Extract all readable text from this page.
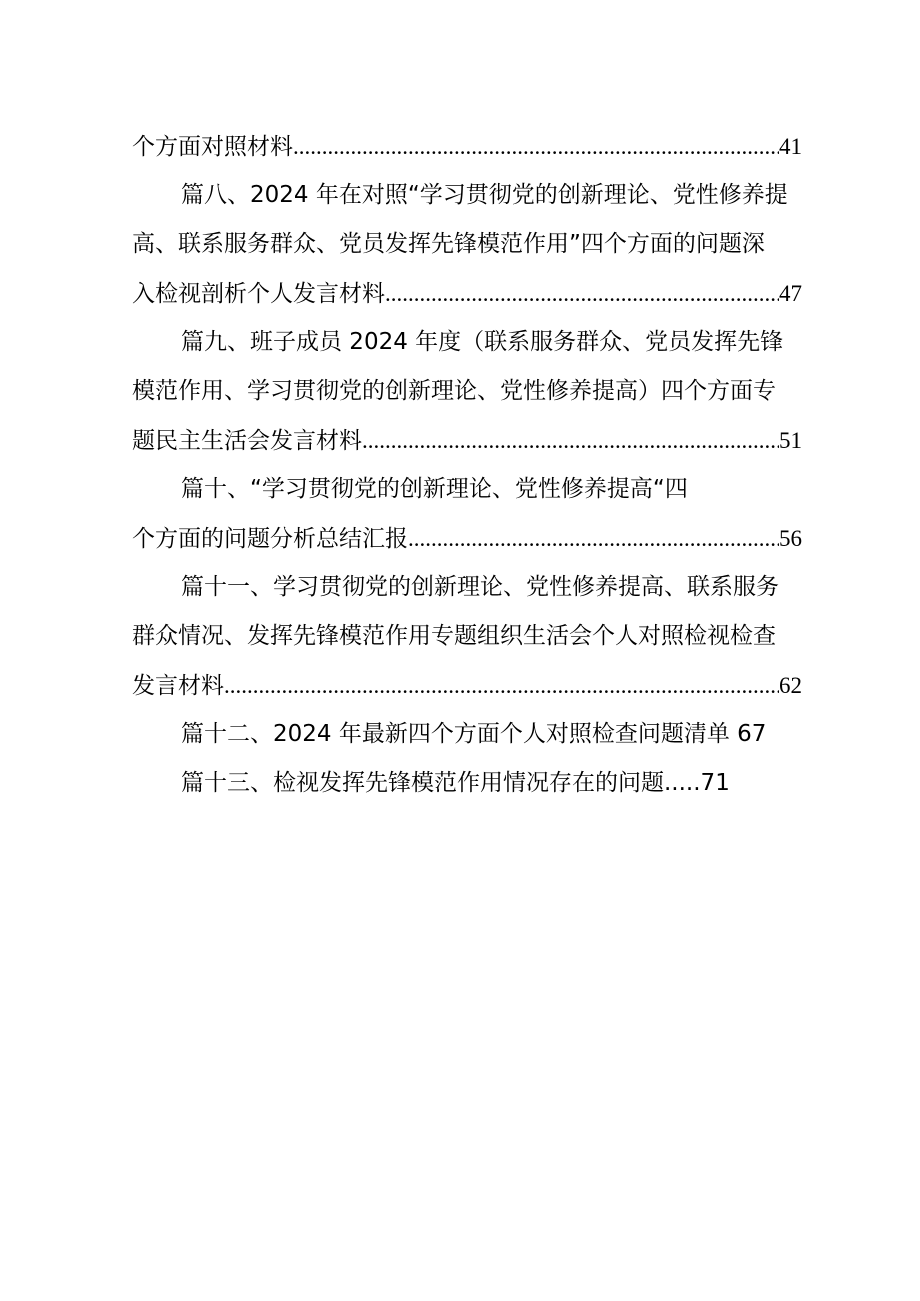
个方面对照材料 .....	41
篇八、2024 年在对照“学习贯彻党的创新理论、党性修养提
高、联系服务群众、党员发挥先锋模范作用”四个方面的问题深
入检视剖析个人发言材料 .....	47
篇九、班子成员 2024 年度（联系服务群众、党员发挥先锋
模范作用、学习贯彻党的创新理论、党性修养提高）四个方面专
题民主生活会发言材料 .....	51
篇十、“学习贯彻党的创新理论、党性修养提高“四
个方面的问题分析总结汇报 .....	56
篇十一、学习贯彻党的创新理论、党性修养提高、联系服务
群众情况、发挥先锋模范作用专题组织生活会个人对照检视检查
发言材料 .....	62
篇十二、2024 年最新四个方面个人对照检查问题清单 67
篇十三、检视发挥先锋模范作用情况存在的问题.....71
